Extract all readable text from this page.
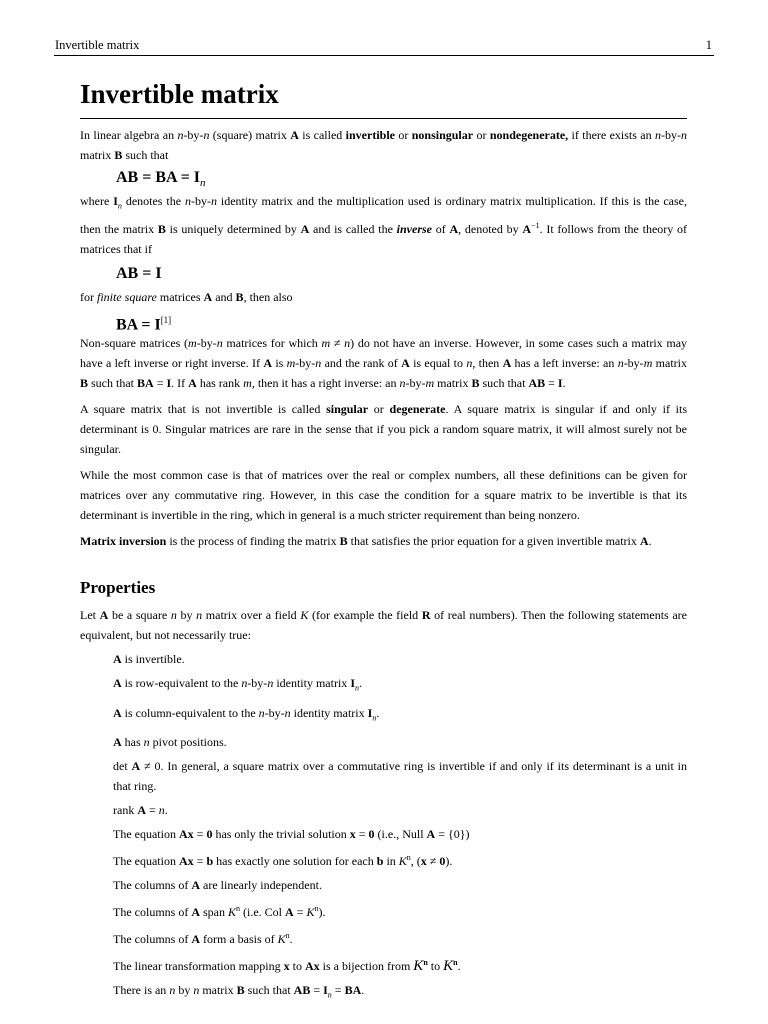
Invertible matrix	1
Invertible matrix

In linear algebra an n-by-n (square) matrix A is called invertible or nonsingular or nondegenerate, if there exists an n-by-n matrix B such that

AB = BA = $I_n$

where $I_n$ denotes the n-by-n identity matrix and the multiplication used is ordinary matrix multiplication. If this is the case, then the matrix B is uniquely determined by A and is called the inverse of A, denoted by $A^{-1}$. It follows from the theory of matrices that if

AB = I

for finite square matrices A and B, then also

BA = I[1]

Non-square matrices (m-by-n matrices for which m ≠ n) do not have an inverse. However, in some cases such a matrix may have a left inverse or right inverse. If A is m-by-n and the rank of A is equal to n, then A has a left inverse: an n-by-m matrix B such that BA = I. If A has rank m, then it has a right inverse: an n-by-m matrix B such that AB = I.

A square matrix that is not invertible is called singular or degenerate. A square matrix is singular if and only if its determinant is 0. Singular matrices are rare in the sense that if you pick a random square matrix, it will almost surely not be singular.

While the most common case is that of matrices over the real or complex numbers, all these definitions can be given for matrices over any commutative ring. However, in this case the condition for a square matrix to be invertible is that its determinant is invertible in the ring, which in general is a much stricter requirement than being nonzero.

Matrix inversion is the process of finding the matrix B that satisfies the prior equation for a given invertible matrix A.

Properties

Let A be a square n by n matrix over a field K (for example the field R of real numbers). Then the following statements are equivalent, but not necessarily true:

A is invertible.
A is row-equivalent to the n-by-n identity matrix $I_n$.
A is column-equivalent to the n-by-n identity matrix $I_n$.
A has n pivot positions.
det A ≠ 0. In general, a square matrix over a commutative ring is invertible if and only if its determinant is a unit in that ring.
rank A = n.
The equation Ax = 0 has only the trivial solution x = 0 (i.e., Null A = {0})
The equation Ax = b has exactly one solution for each b in $K^n$, (x ≠ 0).
The columns of A are linearly independent.
The columns of A span $K^n$ (i.e. Col $A = K^n$).
The columns of A form a basis of $K^n$.
The linear transformation mapping x to Ax is a bijection from $K^n$ to $K^n$.
There is an n by n matrix B such that AB = $I_n$ = BA.
